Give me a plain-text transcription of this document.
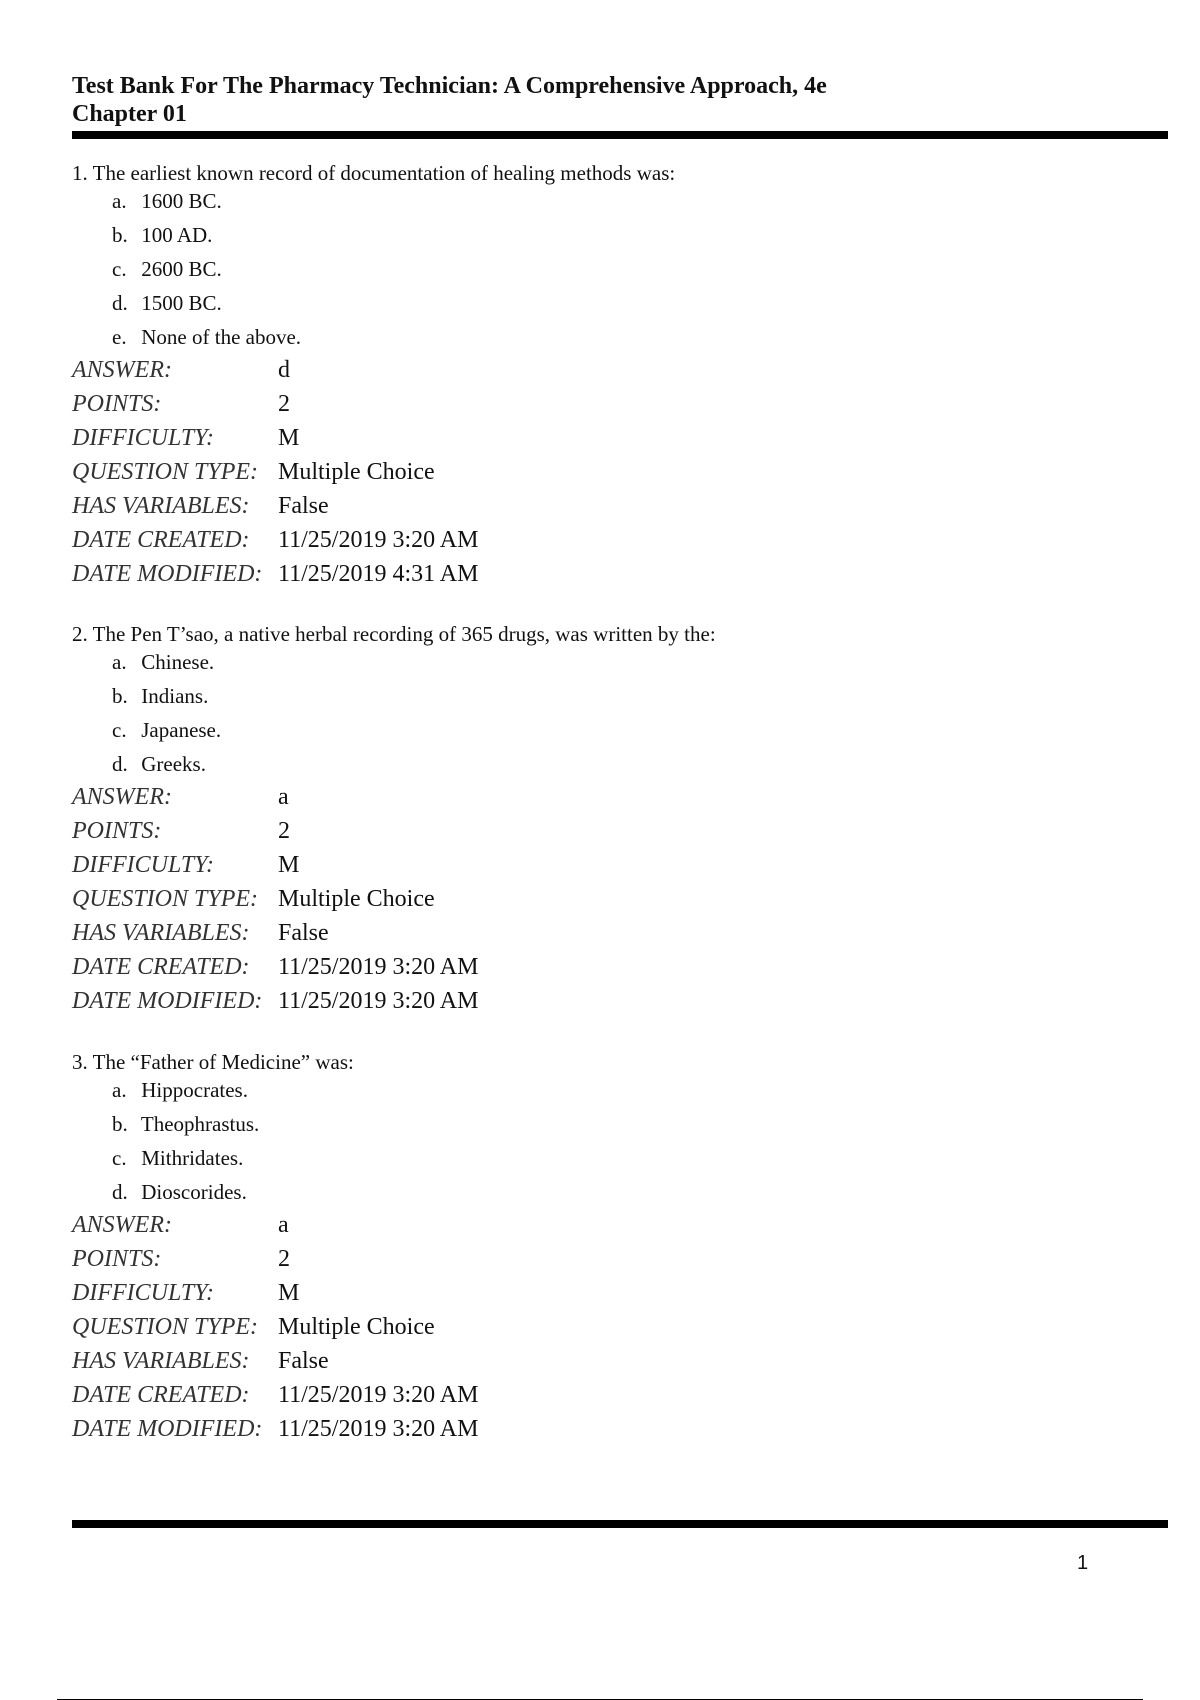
Test Bank For The Pharmacy Technician: A Comprehensive Approach, 4e
Chapter 01
1. The earliest known record of documentation of healing methods was:
a. 1600 BC.
b. 100 AD.
c. 2600 BC.
d. 1500 BC.
e. None of the above.
ANSWER:	d
POINTS:	2
DIFFICULTY:	M
QUESTION TYPE: Multiple Choice
HAS VARIABLES: False
DATE CREATED: 11/25/2019 3:20 AM
DATE MODIFIED: 11/25/2019 4:31 AM
2. The Pen T’sao, a native herbal recording of 365 drugs, was written by the:
a. Chinese.
b. Indians.
c. Japanese.
d. Greeks.
ANSWER:	a
POINTS:	2
DIFFICULTY:	M
QUESTION TYPE: Multiple Choice
HAS VARIABLES: False
DATE CREATED: 11/25/2019 3:20 AM
DATE MODIFIED: 11/25/2019 3:20 AM
3. The “Father of Medicine” was:
a. Hippocrates.
b. Theophrastus.
c. Mithridates.
d. Dioscorides.
ANSWER:	a
POINTS:	2
DIFFICULTY:	M
QUESTION TYPE: Multiple Choice
HAS VARIABLES: False
DATE CREATED: 11/25/2019 3:20 AM
DATE MODIFIED: 11/25/2019 3:20 AM
1
